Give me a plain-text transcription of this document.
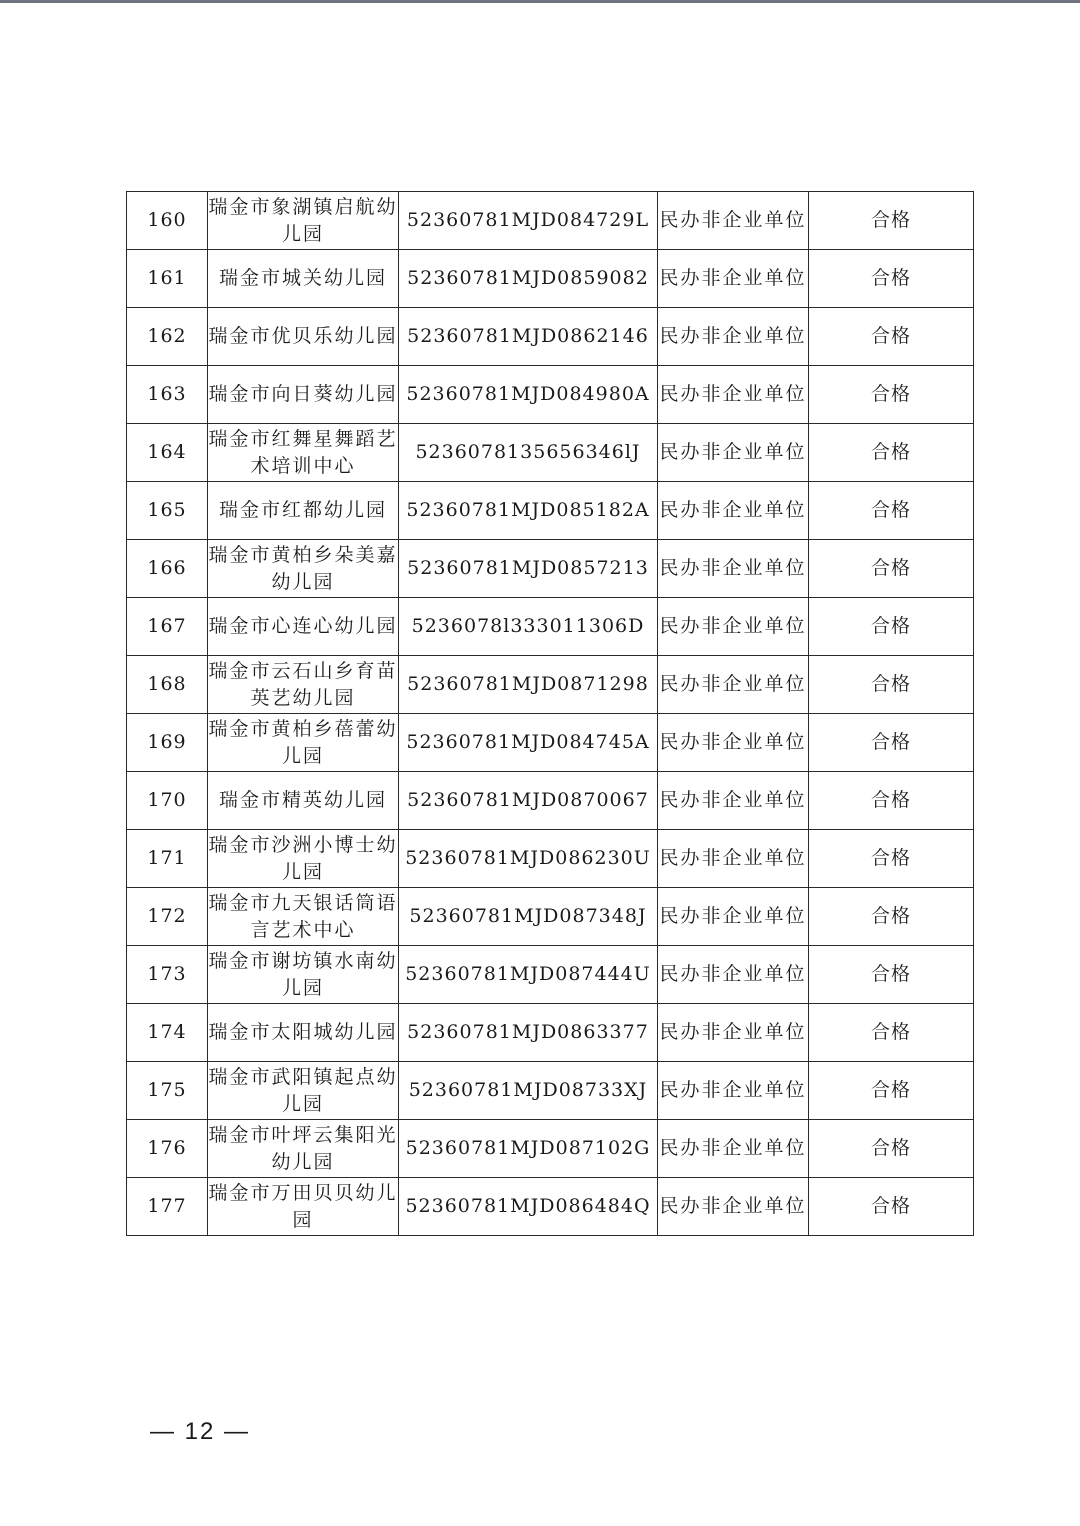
160	瑞金市象湖镇启航幼儿园	52360781MJD084729L	民办非企业单位	合格
161	瑞金市城关幼儿园	52360781MJD0859082	民办非企业单位	合格
162	瑞金市优贝乐幼儿园	52360781MJD0862146	民办非企业单位	合格
163	瑞金市向日葵幼儿园	52360781MJD084980A	民办非企业单位	合格
164	瑞金市红舞星舞蹈艺术培训中心	5236078135656346lJ	民办非企业单位	合格
165	瑞金市红都幼儿园	52360781MJD085182A	民办非企业单位	合格
166	瑞金市黄柏乡朵美嘉幼儿园	52360781MJD0857213	民办非企业单位	合格
167	瑞金市心连心幼儿园	5236078l333011306D	民办非企业单位	合格
168	瑞金市云石山乡育苗英艺幼儿园	52360781MJD0871298	民办非企业单位	合格
169	瑞金市黄柏乡蓓蕾幼儿园	52360781MJD084745A	民办非企业单位	合格
170	瑞金市精英幼儿园	52360781MJD0870067	民办非企业单位	合格
171	瑞金市沙洲小博士幼儿园	52360781MJD086230U	民办非企业单位	合格
172	瑞金市九天银话筒语言艺术中心	52360781MJD087348J	民办非企业单位	合格
173	瑞金市谢坊镇水南幼儿园	52360781MJD087444U	民办非企业单位	合格
174	瑞金市太阳城幼儿园	52360781MJD0863377	民办非企业单位	合格
175	瑞金市武阳镇起点幼儿园	52360781MJD08733XJ	民办非企业单位	合格
176	瑞金市叶坪云集阳光幼儿园	52360781MJD087102G	民办非企业单位	合格
177	瑞金市万田贝贝幼儿园	52360781MJD086484Q	民办非企业单位	合格
— 12 —
